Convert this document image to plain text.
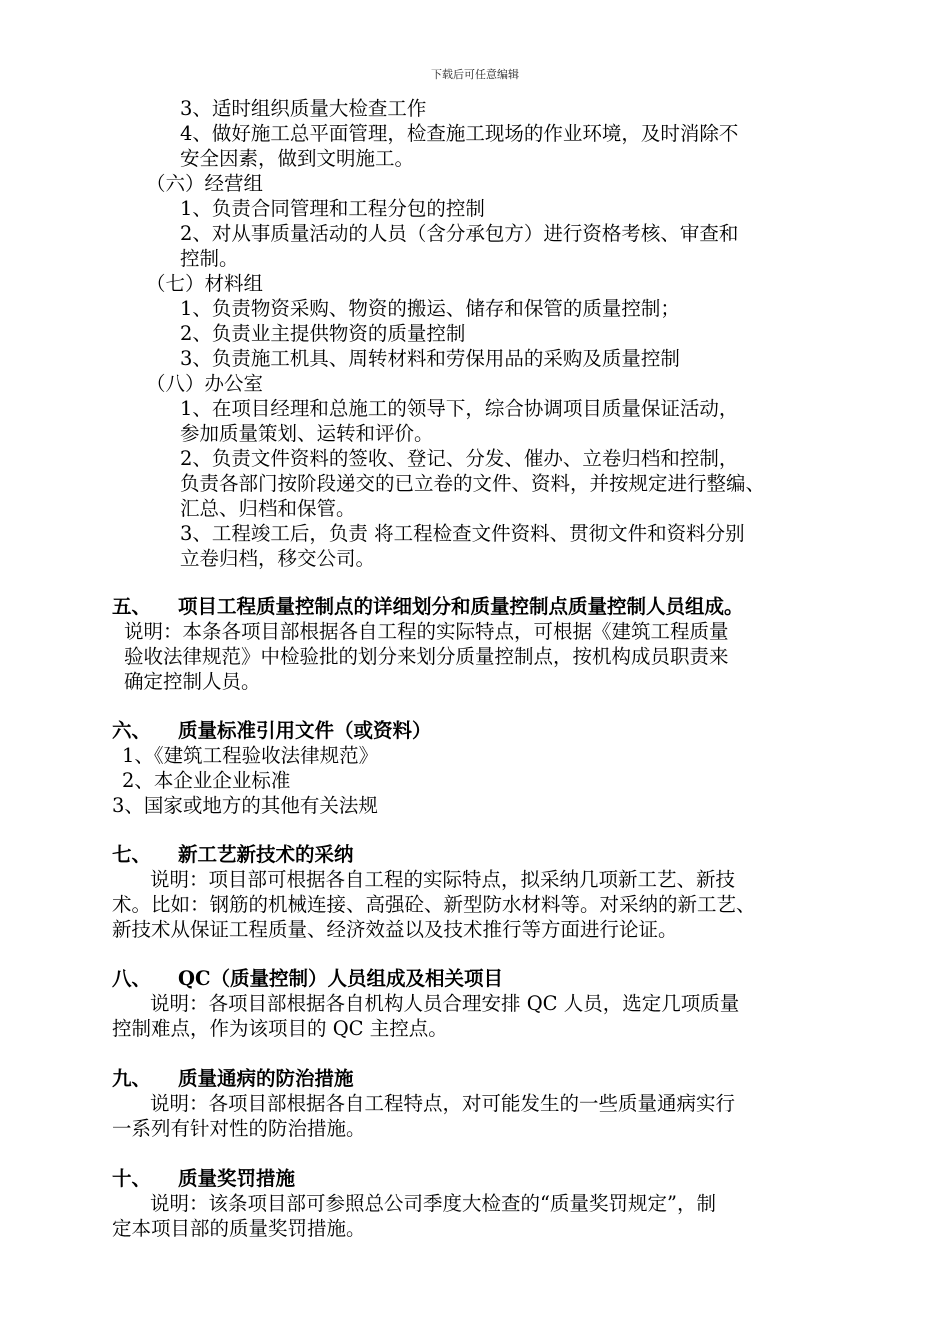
下载后可任意编辑
3、适时组织质量大检查工作
4、做好施工总平面管理，检查施工现场的作业环境，及时消除不
安全因素，做到文明施工。
（六）经营组
1、负责合同管理和工程分包的控制
2、对从事质量活动的人员（含分承包方）进行资格考核、审查和
控制。
（七）材料组
1、负责物资采购、物资的搬运、储存和保管的质量控制；
2、负责业主提供物资的质量控制
3、负责施工机具、周转材料和劳保用品的采购及质量控制
（八）办公室
1、在项目经理和总施工的领导下，综合协调项目质量保证活动，
参加质量策划、运转和评价。
2、负责文件资料的签收、登记、分发、催办、立卷归档和控制，
负责各部门按阶段递交的已立卷的文件、资料，并按规定进行整编、
汇总、归档和保管。
3、工程竣工后，负责 将工程检查文件资料、贯彻文件和资料分别
立卷归档，移交公司。
五、 项目工程质量控制点的详细划分和质量控制点质量控制人员组成。
说明：本条各项目部根据各自工程的实际特点，可根据《建筑工程质量
验收法律规范》中检验批的划分来划分质量控制点，按机构成员职责来
确定控制人员。
六、 质量标准引用文件（或资料）
1、《建筑工程验收法律规范》
2、本企业企业标准
3、国家或地方的其他有关法规
七、 新工艺新技术的采纳
说明：项目部可根据各自工程的实际特点，拟采纳几项新工艺、新技
术。比如：钢筋的机械连接、高强砼、新型防水材料等。对采纳的新工艺、
新技术从保证工程质量、经济效益以及技术推行等方面进行论证。
八、 QC（质量控制）人员组成及相关项目
说明：各项目部根据各自机构人员合理安排 QC 人员，选定几项质量
控制难点，作为该项目的 QC 主控点。
九、 质量通病的防治措施
说明：各项目部根据各自工程特点，对可能发生的一些质量通病实行
一系列有针对性的防治措施。
十、 质量奖罚措施
说明：该条项目部可参照总公司季度大检查的“质量奖罚规定”，制
定本项目部的质量奖罚措施。
